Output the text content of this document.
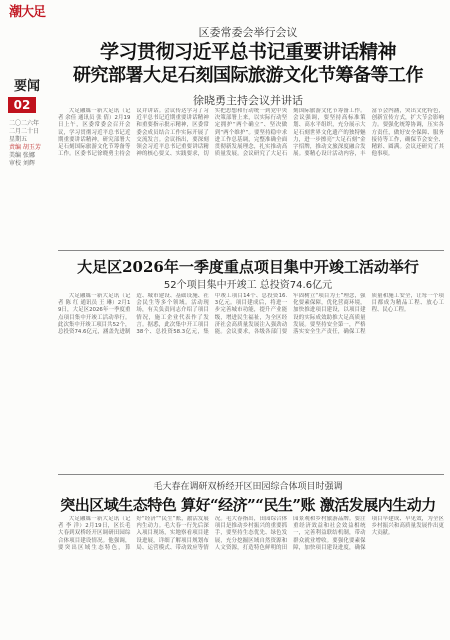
潮大足
要闻
02
二〇二六年二月二十日
星期五
责编 胡玉芳
美编 张娜
审校 刘辉
区委常委会举行会议
学习贯彻习近平总书记重要讲话精神
研究部署大足石刻国际旅游文化节筹备等工作
徐晓勇主持会议并讲话

大足融媒一新大足讯（记者 余佳 通讯员 张 倩）2月19日上午，区委常委会召开会议，学习贯彻习近平总书记近期重要讲话精神，研究部署大足石刻国际旅游文化节筹备等工作。区委书记徐晓勇主持会议并讲话。会议传达学习了习近平总书记近期重要讲话精神和重要指示批示精神，区委常委会成员结合工作实际开展了交流发言。会议指出，要深刻领会习近平总书记重要讲话精神的核心要义、实践要求，切实把思想和行动统一到党中央决策部署上来，以实际行动坚定拥护“两个确立”、坚决做到“两个维护”。要坚持稳中求进工作总基调，完整准确全面贯彻新发展理念，扎实推动高质量发展。会议研究了大足石刻国际旅游文化节筹备工作。会议强调，要坚持高标准策划、高水平组织，充分展示大足石刻世界文化遗产的独特魅力，进一步擦亮“大足石刻”金字招牌，推动文旅深度融合发展。要精心设计活动内容，丰富节会内涵，突出文化特色，创新宣传方式，扩大节会影响力。要强化统筹协调，压实各方责任，做好安全保障、服务接待等工作，确保节会安全、精彩、圆满。会议还研究了其他事项。

大足区2026年一季度重点项目集中开竣工活动举行
52个项目集中开竣工 总投资74.6亿元

大足融媒一新大足讯（记者 陈 红 通讯员 王 琳）2月19日，大足区2026年一季度重点项目集中开竣工活动举行。此次集中开竣工项目共52个，总投资74.6亿元，涵盖先进制造、城市建设、基础设施、社会民生等多个领域。活动现场，有关负责同志介绍了项目情况，施工企业代表作了发言。据悉，此次集中开工项目38个、总投资58.3亿元，集中竣工项目14个、总投资16.3亿元。项目建成后，将进一步完善城市功能，提升产业能级，增进民生福祉，为全区经济社会高质量发展注入强劲动能。会议要求，各级各部门要牢固树立“项目为王”理念，强化要素保障，优化营商环境，加快推进项目建设，以项目建设的实际成效助推大足高质量发展。要坚持安全第一，严格落实安全生产责任，确保工程质量和施工安全，让每一个项目都成为精品工程、放心工程、民心工程。

毛大春在调研双桥经开区田园综合体项目时强调
突出区域生态特色 算好“经济”“民生”账 激活发展内生动力

大足融媒一新大足讯（记者 李 洋）2月19日，区长毛大春到双桥经开区调研田园综合体项目建设情况。他强调，要突出区域生态特色，算好“经济”“民生”账，激活发展内生动力。毛大春一行先后深入项目现场，实地察看项目建设进展，详细了解项目规划布局、运营模式、带动效应等情况。毛大春指出，田园综合体项目是推动乡村振兴的重要抓手，要坚持生态优先、绿色发展，充分挖掘区域自然资源和人文资源，打造特色鲜明的田园景观和乡村旅游品牌。要注重经济效益和社会效益相统一，完善利益联结机制，带动群众就业增收。要强化要素保障，加快项目建设进度，确保项目早建成、早见效，为全区乡村振兴和高质量发展作出更大贡献。
